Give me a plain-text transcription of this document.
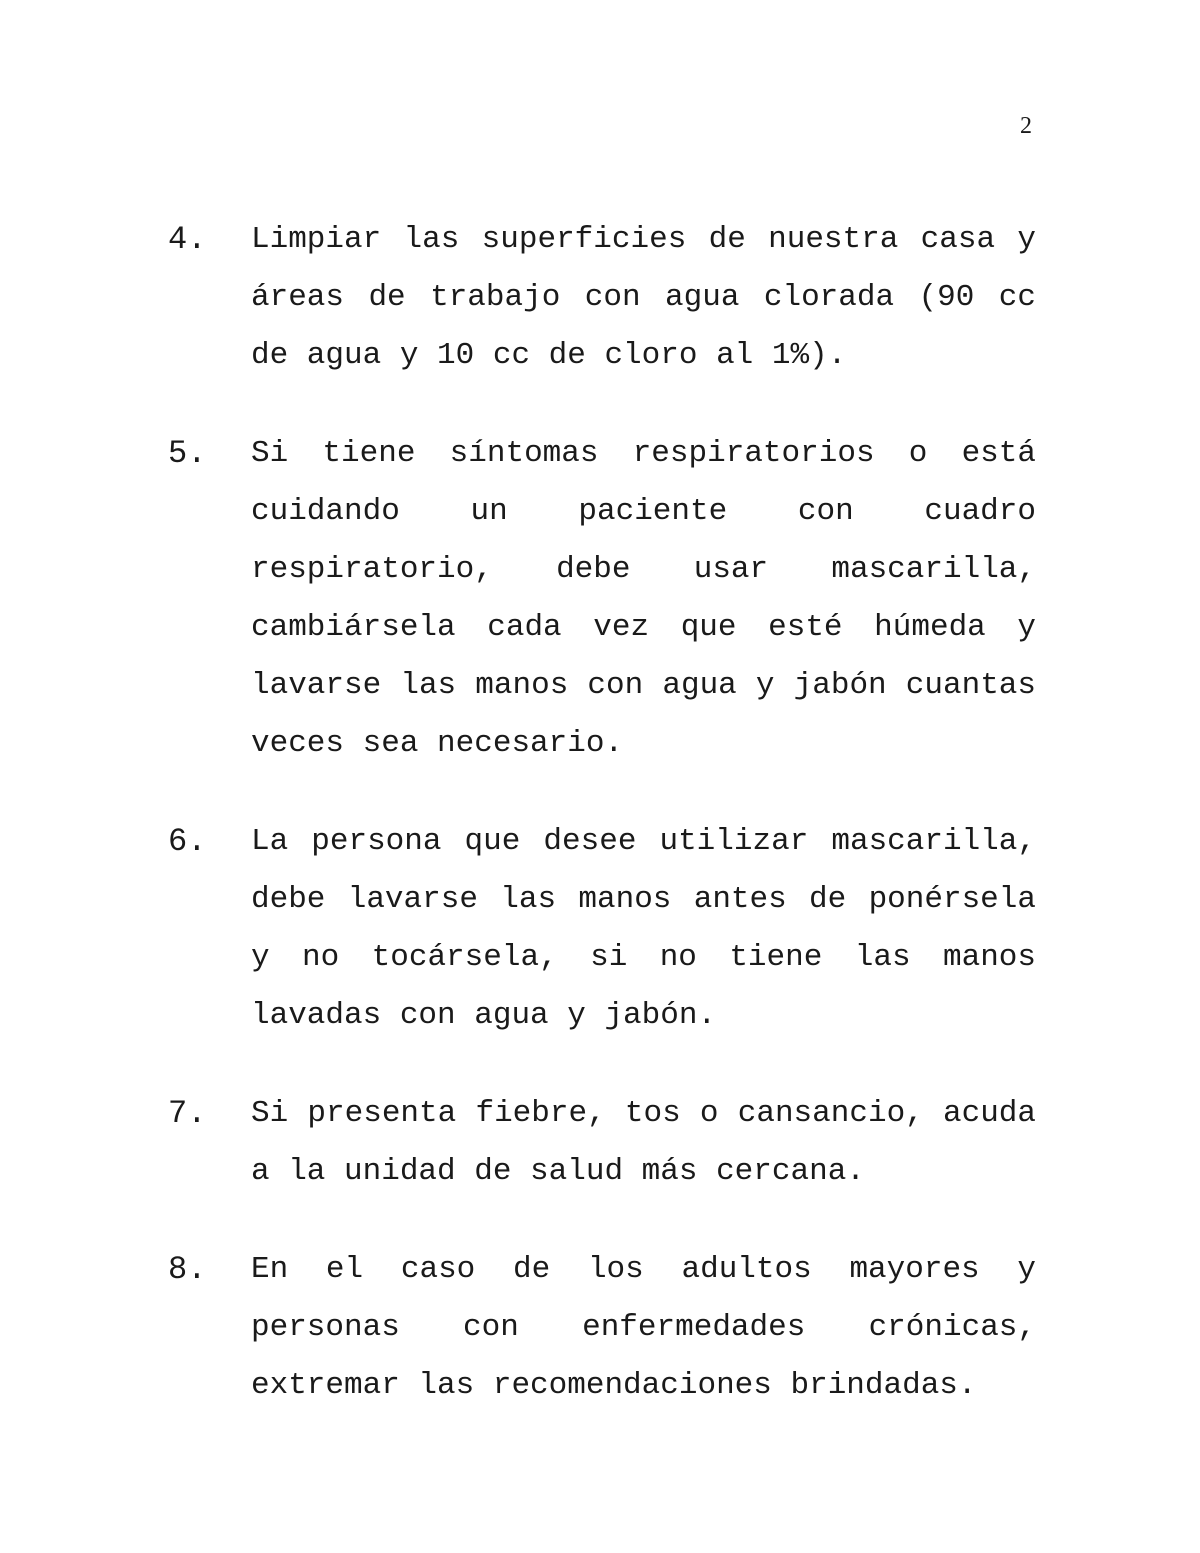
2
4. Limpiar las superficies de nuestra casa y áreas de trabajo con agua clorada (90 cc de agua y 10 cc de cloro al 1%).
5. Si tiene síntomas respiratorios o está cuidando un paciente con cuadro respiratorio, debe usar mascarilla, cambiársela cada vez que esté húmeda y lavarse las manos con agua y jabón cuantas veces sea necesario.
6. La persona que desee utilizar mascarilla, debe lavarse las manos antes de ponérsela y no tocársela, si no tiene las manos lavadas con agua y jabón.
7. Si presenta fiebre, tos o cansancio, acuda a la unidad de salud más cercana.
8. En el caso de los adultos mayores y personas con enfermedades crónicas, extremar las recomendaciones brindadas.
